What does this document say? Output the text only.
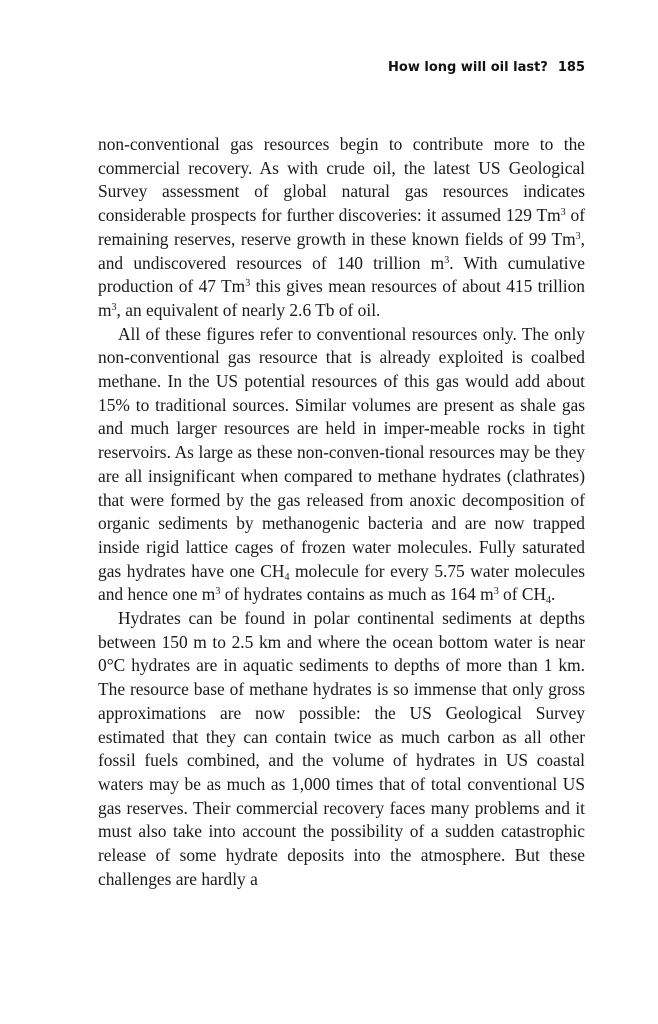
How long will oil last? 185

non-conventional gas resources begin to contribute more to the commercial recovery. As with crude oil, the latest US Geological Survey assessment of global natural gas resources indicates considerable prospects for further discoveries: it assumed 129 Tm$^3$ of remaining reserves, reserve growth in these known fields of 99 Tm$^3$, and undiscovered resources of 140 trillion $m^3$. With cumulative production of 47 Tm$^3$ this gives mean resources of about 415 trillion $m^3$, an equivalent of nearly 2.6 Tb of oil.

All of these figures refer to conventional resources only. The only non-conventional gas resource that is already exploited is coalbed methane. In the US potential resources of this gas would add about 15% to traditional sources. Similar volumes are present as shale gas and much larger resources are held in imper-meable rocks in tight reservoirs. As large as these non-conven-tional resources may be they are all insignificant when compared to methane hydrates (clathrates) that were formed by the gas released from anoxic decomposition of organic sediments by methanogenic bacteria and are now trapped inside rigid lattice cages of frozen water molecules. Fully saturated gas hydrates have one $CH_4$ molecule for every 5.75 water molecules and hence one $m^3$ of hydrates contains as much as 164 $m^3$ of $CH_4$.

Hydrates can be found in polar continental sediments at depths between 150 m to 2.5 km and where the ocean bottom water is near 0°C hydrates are in aquatic sediments to depths of more than 1 km. The resource base of methane hydrates is so immense that only gross approximations are now possible: the US Geological Survey estimated that they can contain twice as much carbon as all other fossil fuels combined, and the volume of hydrates in US coastal waters may be as much as 1,000 times that of total conventional US gas reserves. Their commercial recovery faces many problems and it must also take into account the possibility of a sudden catastrophic release of some hydrate deposits into the atmosphere. But these challenges are hardly a
